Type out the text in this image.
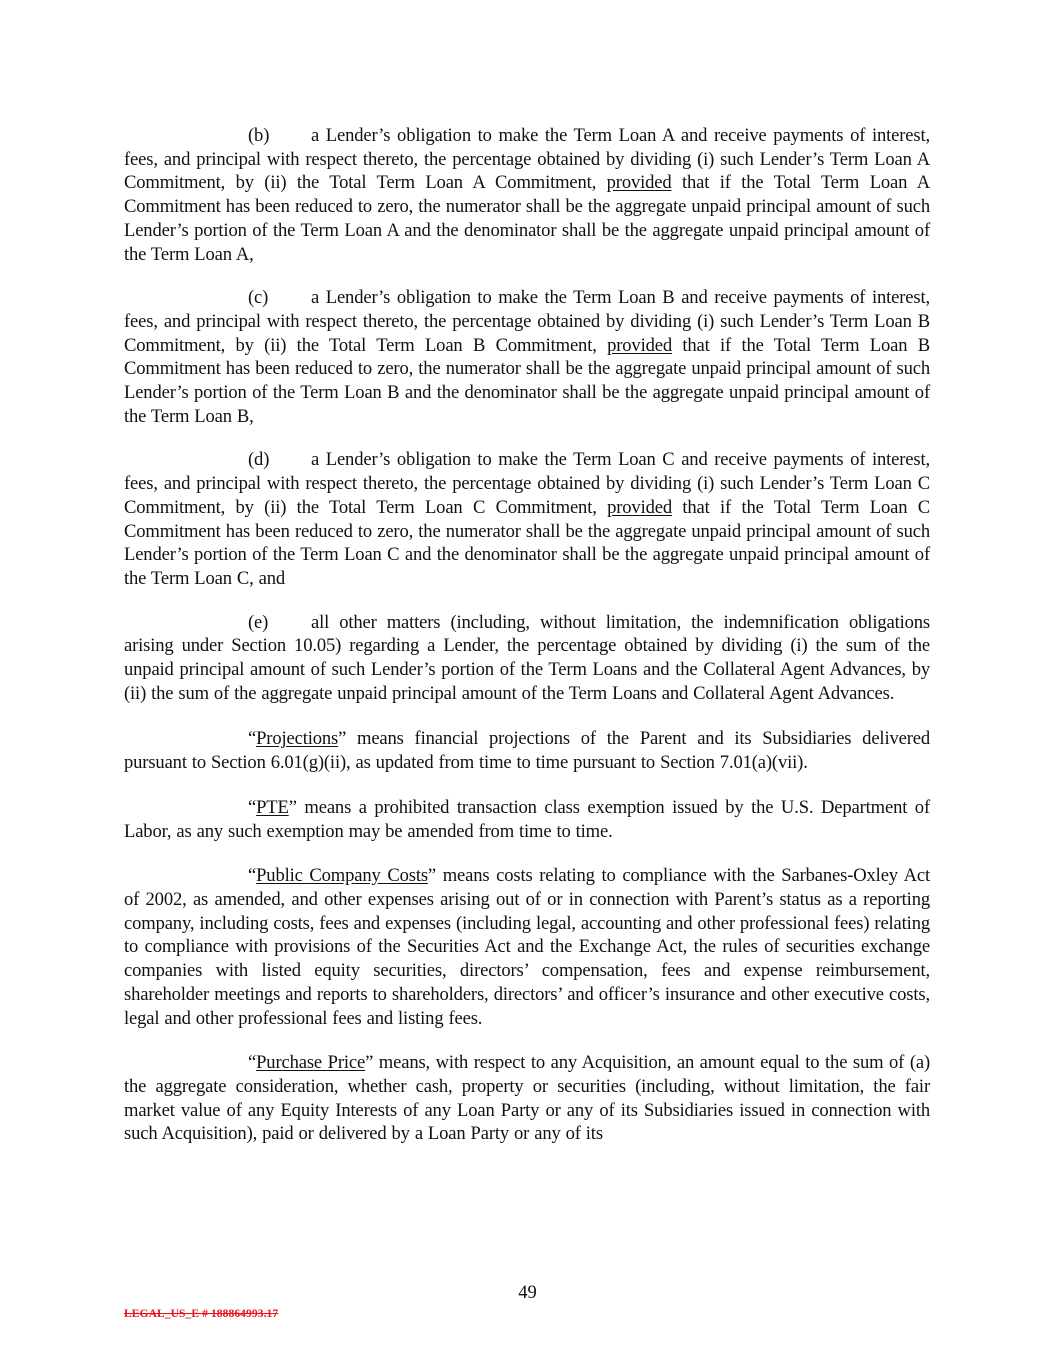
(b) a Lender’s obligation to make the Term Loan A and receive payments of interest, fees, and principal with respect thereto, the percentage obtained by dividing (i) such Lender’s Term Loan A Commitment, by (ii) the Total Term Loan A Commitment, provided that if the Total Term Loan A Commitment has been reduced to zero, the numerator shall be the aggregate unpaid principal amount of such Lender’s portion of the Term Loan A and the denominator shall be the aggregate unpaid principal amount of the Term Loan A,

(c) a Lender’s obligation to make the Term Loan B and receive payments of interest, fees, and principal with respect thereto, the percentage obtained by dividing (i) such Lender’s Term Loan B Commitment, by (ii) the Total Term Loan B Commitment, provided that if the Total Term Loan B Commitment has been reduced to zero, the numerator shall be the aggregate unpaid principal amount of such Lender’s portion of the Term Loan B and the denominator shall be the aggregate unpaid principal amount of the Term Loan B,

(d) a Lender’s obligation to make the Term Loan C and receive payments of interest, fees, and principal with respect thereto, the percentage obtained by dividing (i) such Lender’s Term Loan C Commitment, by (ii) the Total Term Loan C Commitment, provided that if the Total Term Loan C Commitment has been reduced to zero, the numerator shall be the aggregate unpaid principal amount of such Lender’s portion of the Term Loan C and the denominator shall be the aggregate unpaid principal amount of the Term Loan C, and

(e) all other matters (including, without limitation, the indemnification obligations arising under Section 10.05) regarding a Lender, the percentage obtained by dividing (i) the sum of the unpaid principal amount of such Lender’s portion of the Term Loans and the Collateral Agent Advances, by (ii) the sum of the aggregate unpaid principal amount of the Term Loans and Collateral Agent Advances.

“Projections” means financial projections of the Parent and its Subsidiaries delivered pursuant to Section 6.01(g)(ii), as updated from time to time pursuant to Section 7.01(a)(vii).

“PTE” means a prohibited transaction class exemption issued by the U.S. Department of Labor, as any such exemption may be amended from time to time.

“Public Company Costs” means costs relating to compliance with the Sarbanes-Oxley Act of 2002, as amended, and other expenses arising out of or in connection with Parent’s status as a reporting company, including costs, fees and expenses (including legal, accounting and other professional fees) relating to compliance with provisions of the Securities Act and the Exchange Act, the rules of securities exchange companies with listed equity securities, directors’ compensation, fees and expense reimbursement, shareholder meetings and reports to shareholders, directors’ and officer’s insurance and other executive costs, legal and other professional fees and listing fees.

“Purchase Price” means, with respect to any Acquisition, an amount equal to the sum of (a) the aggregate consideration, whether cash, property or securities (including, without limitation, the fair market value of any Equity Interests of any Loan Party or any of its Subsidiaries issued in connection with such Acquisition), paid or delivered by a Loan Party or any of its

49
LEGAL_US_E # 188864993.17
